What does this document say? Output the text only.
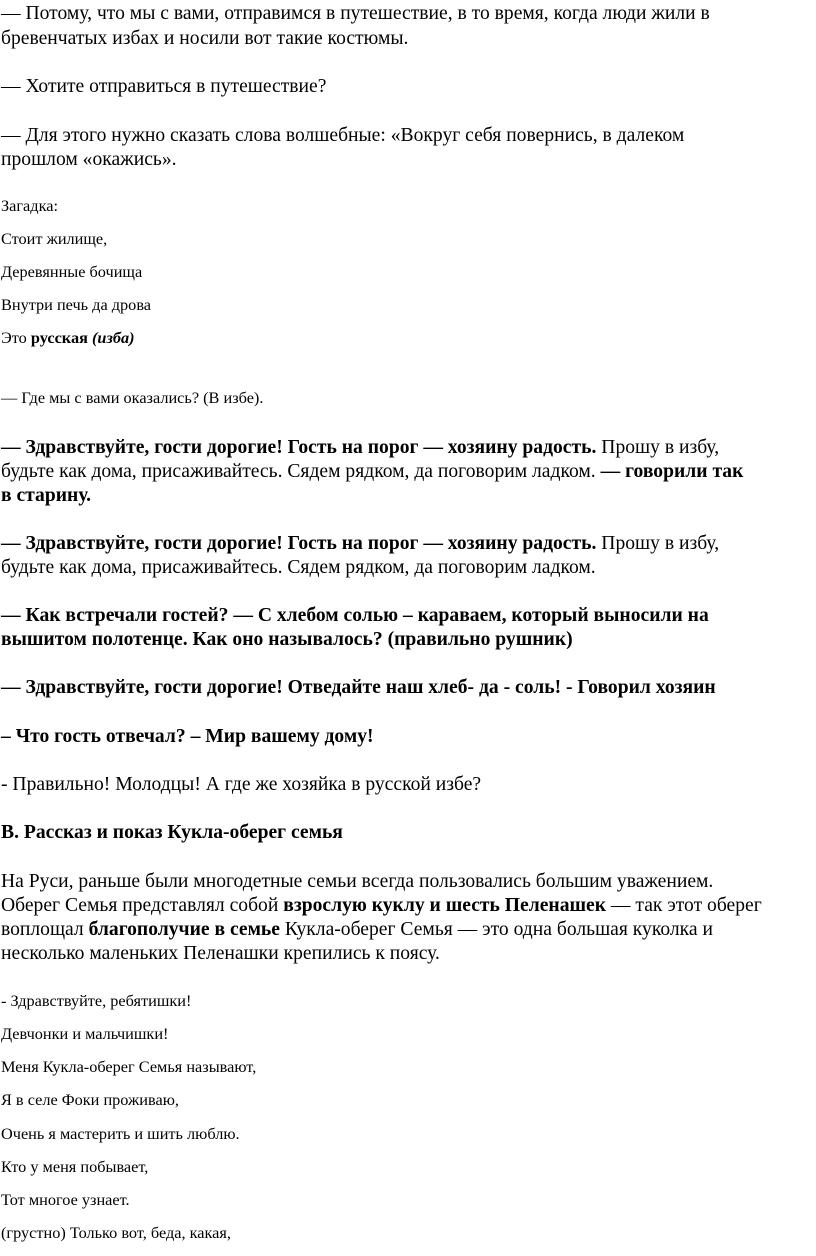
— Потому, что мы с вами, отправимся в путешествие, в то время, когда люди жили в
бревенчатых избах и носили вот такие костюмы.
— Хотите отправиться в путешествие?
— Для этого нужно сказать слова волшебные: «Вокруг себя повернись, в далеком
прошлом «окажись».
Загадка:
Стоит жилище,
Деревянные бочища
Внутри печь да дрова
Это русская (изба)
— Где мы с вами оказались? (В избе).
— Здравствуйте, гости дорогие! Гость на порог — хозяину радость. Прошу в избу,
будьте как дома, присаживайтесь. Сядем рядком, да поговорим ладком. — говорили так
в старину.
— Здравствуйте, гости дорогие! Гость на порог — хозяину радость. Прошу в избу,
будьте как дома, присаживайтесь. Сядем рядком, да поговорим ладком.
— Как встречали гостей? — С хлебом солью – караваем, который выносили на
вышитом полотенце. Как оно называлось? (правильно рушник)
— Здравствуйте, гости дорогие! Отведайте наш хлеб- да - соль! - Говорил хозяин
– Что гость отвечал? – Мир вашему дому!
- Правильно! Молодцы! А где же хозяйка в русской избе?
B. Рассказ и показ Кукла-оберег семья
На Руси, раньше были многодетные семьи всегда пользовались большим уважением.
Оберег Семья представлял собой взрослую куклу и шесть Пеленашек — так этот оберег
воплощал благополучие в семье Кукла-оберег Семья — это одна большая куколка и
несколько маленьких Пеленашки крепились к поясу.
- Здравствуйте, ребятишки!
Девчонки и мальчишки!
Меня Кукла-оберег Семья называют,
Я в селе Фоки проживаю,
Очень я мастерить и шить люблю.
Кто у меня побывает,
Тот многое узнает.
(грустно) Только вот, беда, какая,
